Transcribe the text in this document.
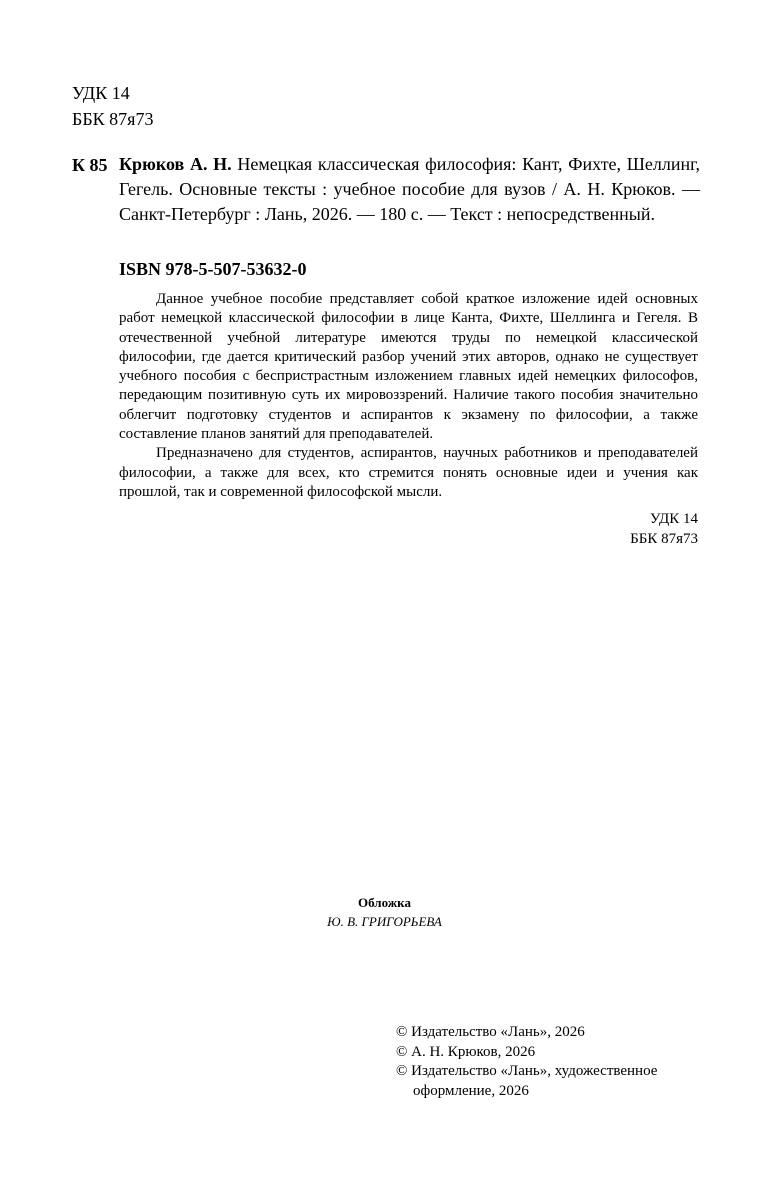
УДК 14
ББК 87я73
К 85 Крюков А. Н. Немецкая классическая философия: Кант, Фихте, Шеллинг, Гегель. Основные тексты : учебное пособие для вузов / А. Н. Крюков. — Санкт-Петербург : Лань, 2026. — 180 с. — Текст : непосредственный.
ISBN 978-5-507-53632-0

Данное учебное пособие представляет собой краткое изложение идей основных работ немецкой классической философии в лице Канта, Фихте, Шеллинга и Гегеля. В отечественной учебной литературе имеются труды по немецкой классической философии, где дается критический разбор учений этих авторов, однако не существует учебного пособия с беспристрастным изложением главных идей немецких философов, передающим позитивную суть их мировоззрений. Наличие такого пособия значительно облегчит подготовку студентов и аспирантов к экзамену по философии, а также составление планов занятий для преподавателей.

Предназначено для студентов, аспирантов, научных работников и преподавателей философии, а также для всех, кто стремится понять основные идеи и учения как прошлой, так и современной философской мысли.

УДК 14
ББК 87я73
Обложка
Ю. В. ГРИГОРЬЕВА
© Издательство «Лань», 2026
© А. Н. Крюков, 2026
© Издательство «Лань», художественное оформление, 2026
